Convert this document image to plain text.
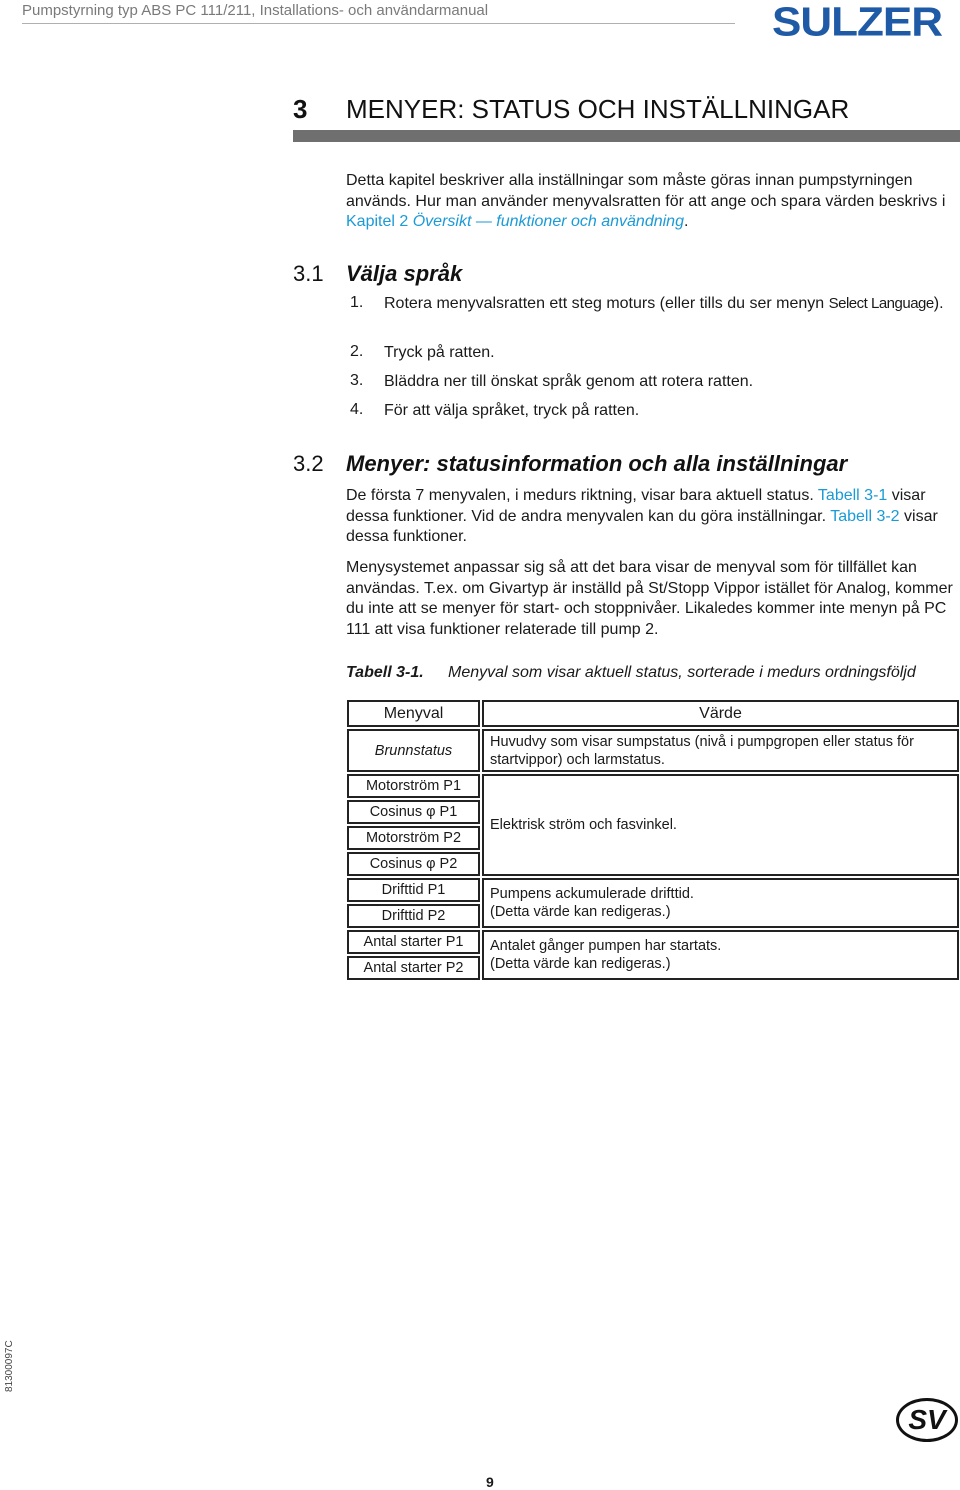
Pumpstyrning typ ABS PC 111/211, Installations- och användarmanual	SULZER
3 MENYER: STATUS OCH INSTÄLLNINGAR
Detta kapitel beskriver alla inställningar som måste göras innan pumpstyrningen används. Hur man använder menyvalsratten för att ange och spara värden beskrivs i Kapitel 2 Översikt — funktioner och användning.
3.1 Välja språk
1. Rotera menyvalsratten ett steg moturs (eller tills du ser menyn Select Language).
2. Tryck på ratten.
3. Bläddra ner till önskat språk genom att rotera ratten.
4. För att välja språket, tryck på ratten.
3.2 Menyer: statusinformation och alla inställningar
De första 7 menyvalen, i medurs riktning, visar bara aktuell status. Tabell 3-1 visar dessa funktioner. Vid de andra menyvalen kan du göra inställningar. Tabell 3-2 visar dessa funktioner.
Menysystemet anpassar sig så att det bara visar de menyval som för tillfället kan användas. T.ex. om Givartyp är inställd på St/Stopp Vippor istället för Analog, kommer du inte att se menyer för start- och stoppnivåer. Likaledes kommer inte menyn på PC 111 att visa funktioner relaterade till pump 2.
Tabell 3-1. Menyval som visar aktuell status, sorterade i medurs ordningsföljd
Menyval
Brunnstatus
Motorström P1
Cosinus φ P1
Motorström P2
Cosinus φ P2
Drifttid P1
Drifttid P2
Antal starter P1
Antal starter P2
Värde
Huvudvy som visar sumpstatus (nivå i pumpgropen eller status för startvippor) och larmstatus.
Elektrisk ström och fasvinkel.
Pumpens ackumulerade drifttid.
(Detta värde kan redigeras.)
Antalet gånger pumpen har startats.
(Detta värde kan redigeras.)
81300097C
SV
9
